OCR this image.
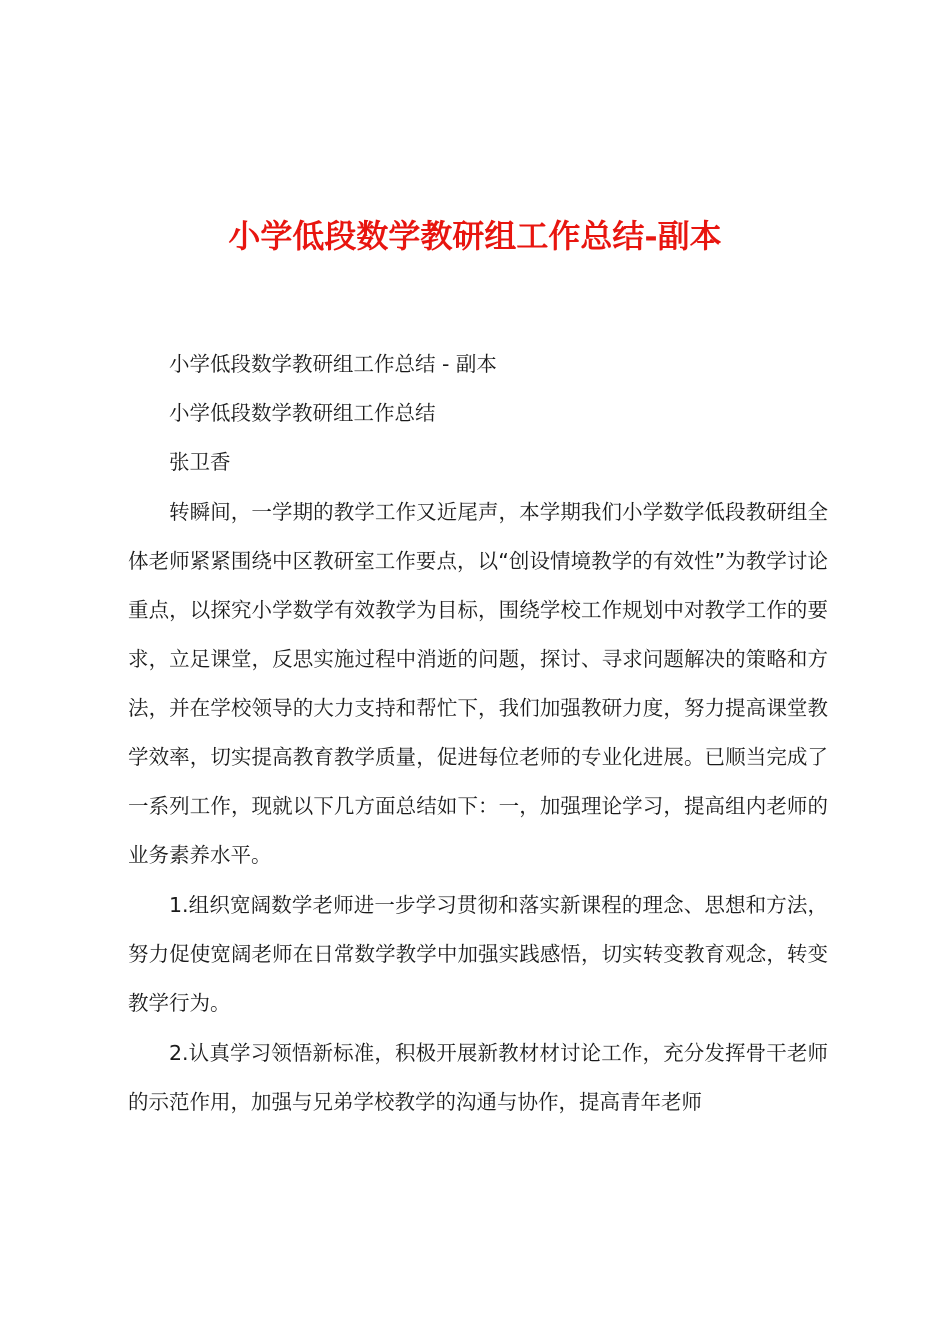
小学低段数学教研组工作总结-副本

小学低段数学教研组工作总结 - 副本

小学低段数学教研组工作总结

张卫香

转瞬间，一学期的教学工作又近尾声，本学期我们小学数学低段教研组全体老师紧紧围绕中区教研室工作要点，以“创设情境教学的有效性”为教学讨论重点，以探究小学数学有效教学为目标，围绕学校工作规划中对教学工作的要求，立足课堂，反思实施过程中消逝的问题，探讨、寻求问题解决的策略和方法，并在学校领导的大力支持和帮忙下，我们加强教研力度，努力提高课堂教学效率，切实提高教育教学质量，促进每位老师的专业化进展。已顺当完成了一系列工作，现就以下几方面总结如下：一，加强理论学习，提高组内老师的业务素养水平。

1.组织宽阔数学老师进一步学习贯彻和落实新课程的理念、思想和方法，努力促使宽阔老师在日常数学教学中加强实践感悟，切实转变教育观念，转变教学行为。

2.认真学习领悟新标准，积极开展新教材材讨论工作，充分发挥骨干老师的示范作用，加强与兄弟学校教学的沟通与协作，提高青年老师
